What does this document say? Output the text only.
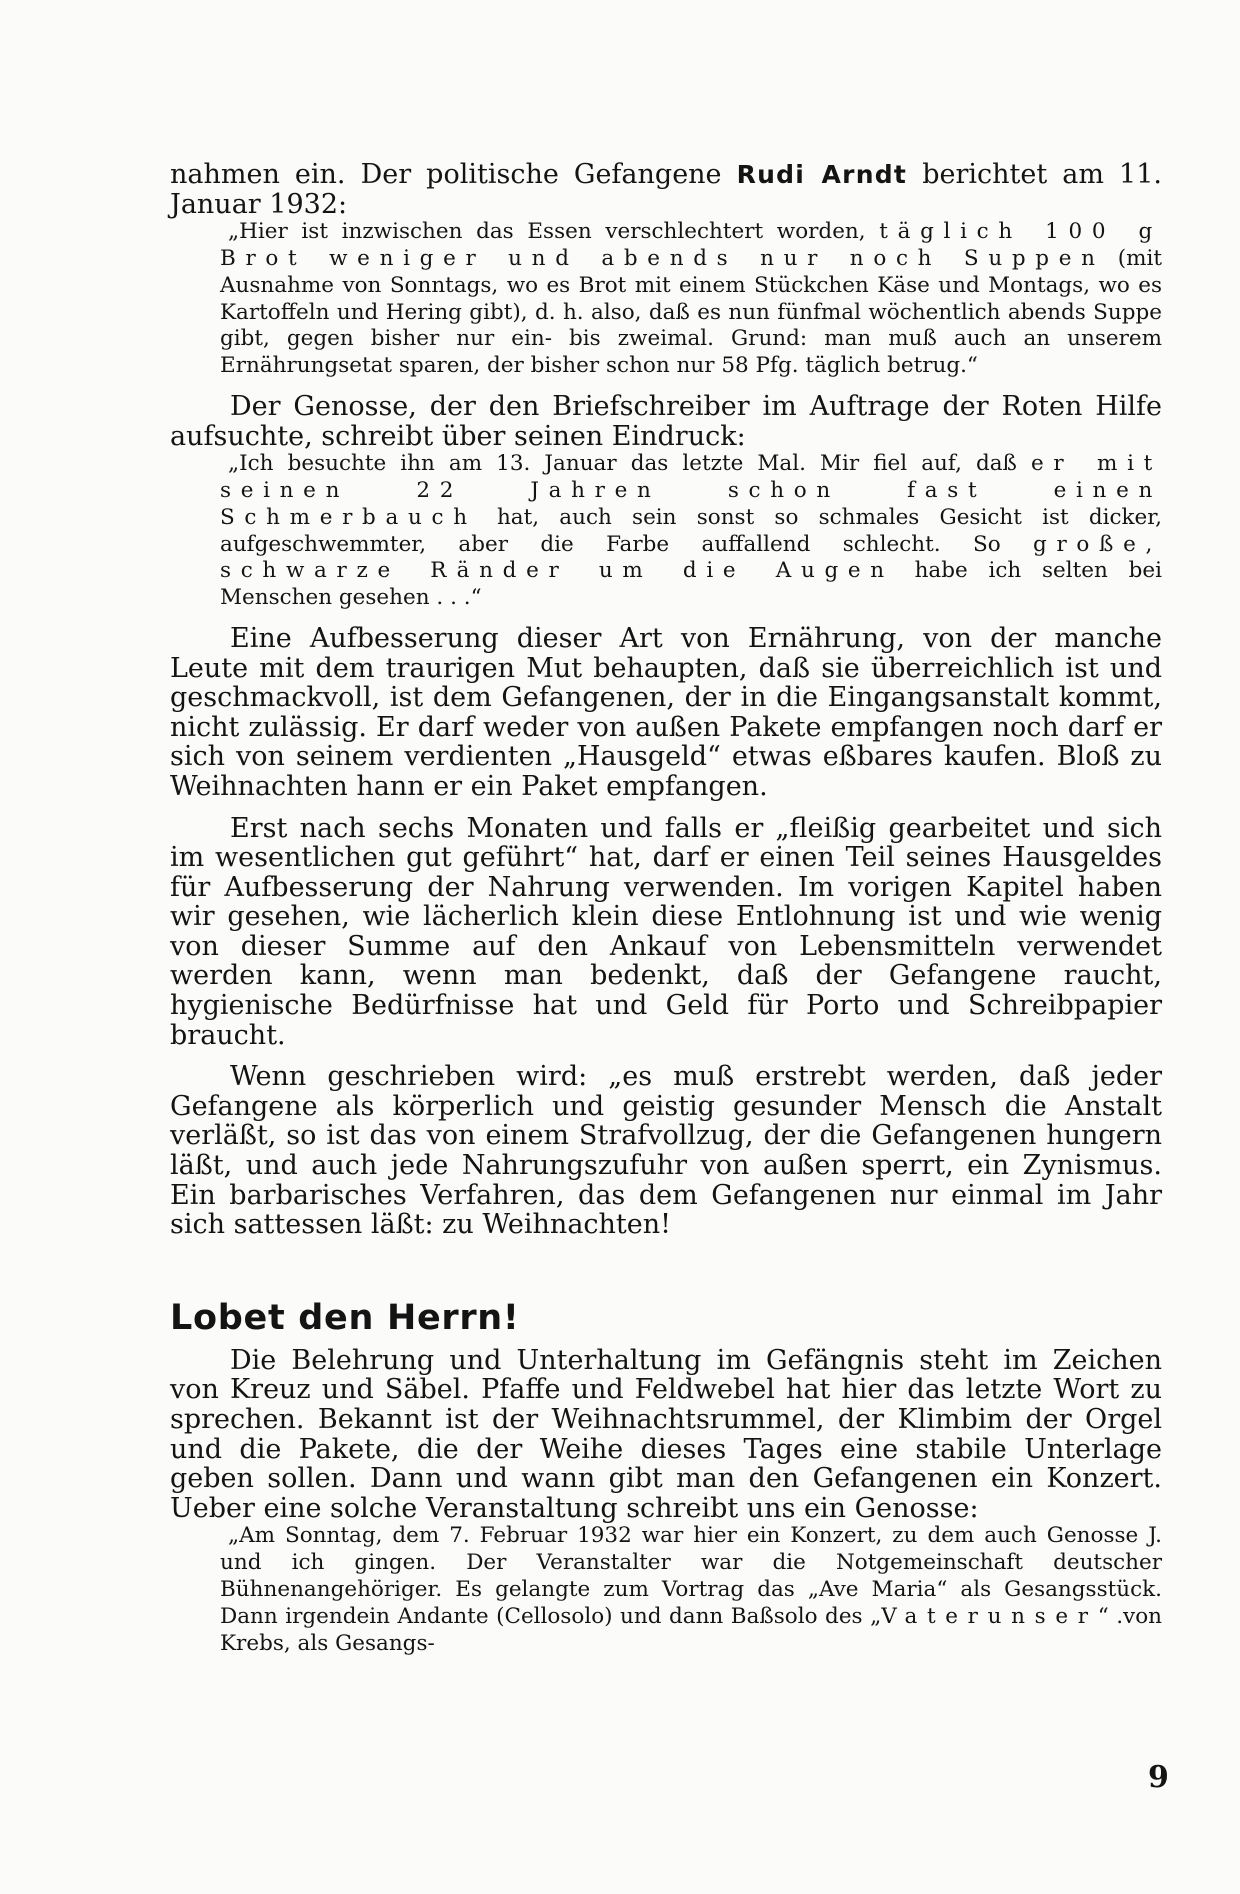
nahmen ein. Der politische Gefangene Rudi Arndt berichtet am 11. Januar 1932:

„Hier ist inzwischen das Essen verschlechtert worden, täglich 100 g Brot weniger und abends nur noch Suppen (mit Ausnahme von Sonntags, wo es Brot mit einem Stückchen Käse und Montags, wo es Kartoffeln und Hering gibt), d. h. also, daß es nun fünfmal wöchentlich abends Suppe gibt, gegen bisher nur ein- bis zweimal. Grund: man muß auch an unserem Ernährungsetat sparen, der bisher schon nur 58 Pfg. täglich betrug.“

Der Genosse, der den Briefschreiber im Auftrage der Roten Hilfe aufsuchte, schreibt über seinen Eindruck:

„Ich besuchte ihn am 13. Januar das letzte Mal. Mir fiel auf, daß er mit seinen 22 Jahren schon fast einen Schmerbauch hat, auch sein sonst so schmales Gesicht ist dicker, aufgeschwemmter, aber die Farbe auffallend schlecht. So große, schwarze Ränder um die Augen habe ich selten bei Menschen gesehen . . .“

Eine Aufbesserung dieser Art von Ernährung, von der manche Leute mit dem traurigen Mut behaupten, daß sie überreichlich ist und geschmackvoll, ist dem Gefangenen, der in die Eingangsanstalt kommt, nicht zulässig. Er darf weder von außen Pakete empfangen noch darf er sich von seinem verdienten „Hausgeld“ etwas eßbares kaufen. Bloß zu Weihnachten hann er ein Paket empfangen.

Erst nach sechs Monaten und falls er „fleißig gearbeitet und sich im wesentlichen gut geführt“ hat, darf er einen Teil seines Hausgeldes für Aufbesserung der Nahrung verwenden. Im vorigen Kapitel haben wir gesehen, wie lächerlich klein diese Entlohnung ist und wie wenig von dieser Summe auf den Ankauf von Lebensmitteln verwendet werden kann, wenn man bedenkt, daß der Gefangene raucht, hygienische Bedürfnisse hat und Geld für Porto und Schreibpapier braucht.

Wenn geschrieben wird: „es muß erstrebt werden, daß jeder Gefangene als körperlich und geistig gesunder Mensch die Anstalt verläßt, so ist das von einem Strafvollzug, der die Gefangenen hungern läßt, und auch jede Nahrungszufuhr von außen sperrt, ein Zynismus. Ein barbarisches Verfahren, das dem Gefangenen nur einmal im Jahr sich sattessen läßt: zu Weihnachten!

Lobet den Herrn!

Die Belehrung und Unterhaltung im Gefängnis steht im Zeichen von Kreuz und Säbel. Pfaffe und Feldwebel hat hier das letzte Wort zu sprechen. Bekannt ist der Weihnachtsrummel, der Klimbim der Orgel und die Pakete, die der Weihe dieses Tages eine stabile Unterlage geben sollen. Dann und wann gibt man den Gefangenen ein Konzert. Ueber eine solche Veranstaltung schreibt uns ein Genosse:

„Am Sonntag, dem 7. Februar 1932 war hier ein Konzert, zu dem auch Genosse J. und ich gingen. Der Veranstalter war die Notgemeinschaft deutscher Bühnenangehöriger. Es gelangte zum Vortrag das „Ave Maria“ als Gesangsstück. Dann irgendein Andante (Cellosolo) und dann Baßsolo des „Vaterunser“ .von Krebs, als Gesangs-

9
